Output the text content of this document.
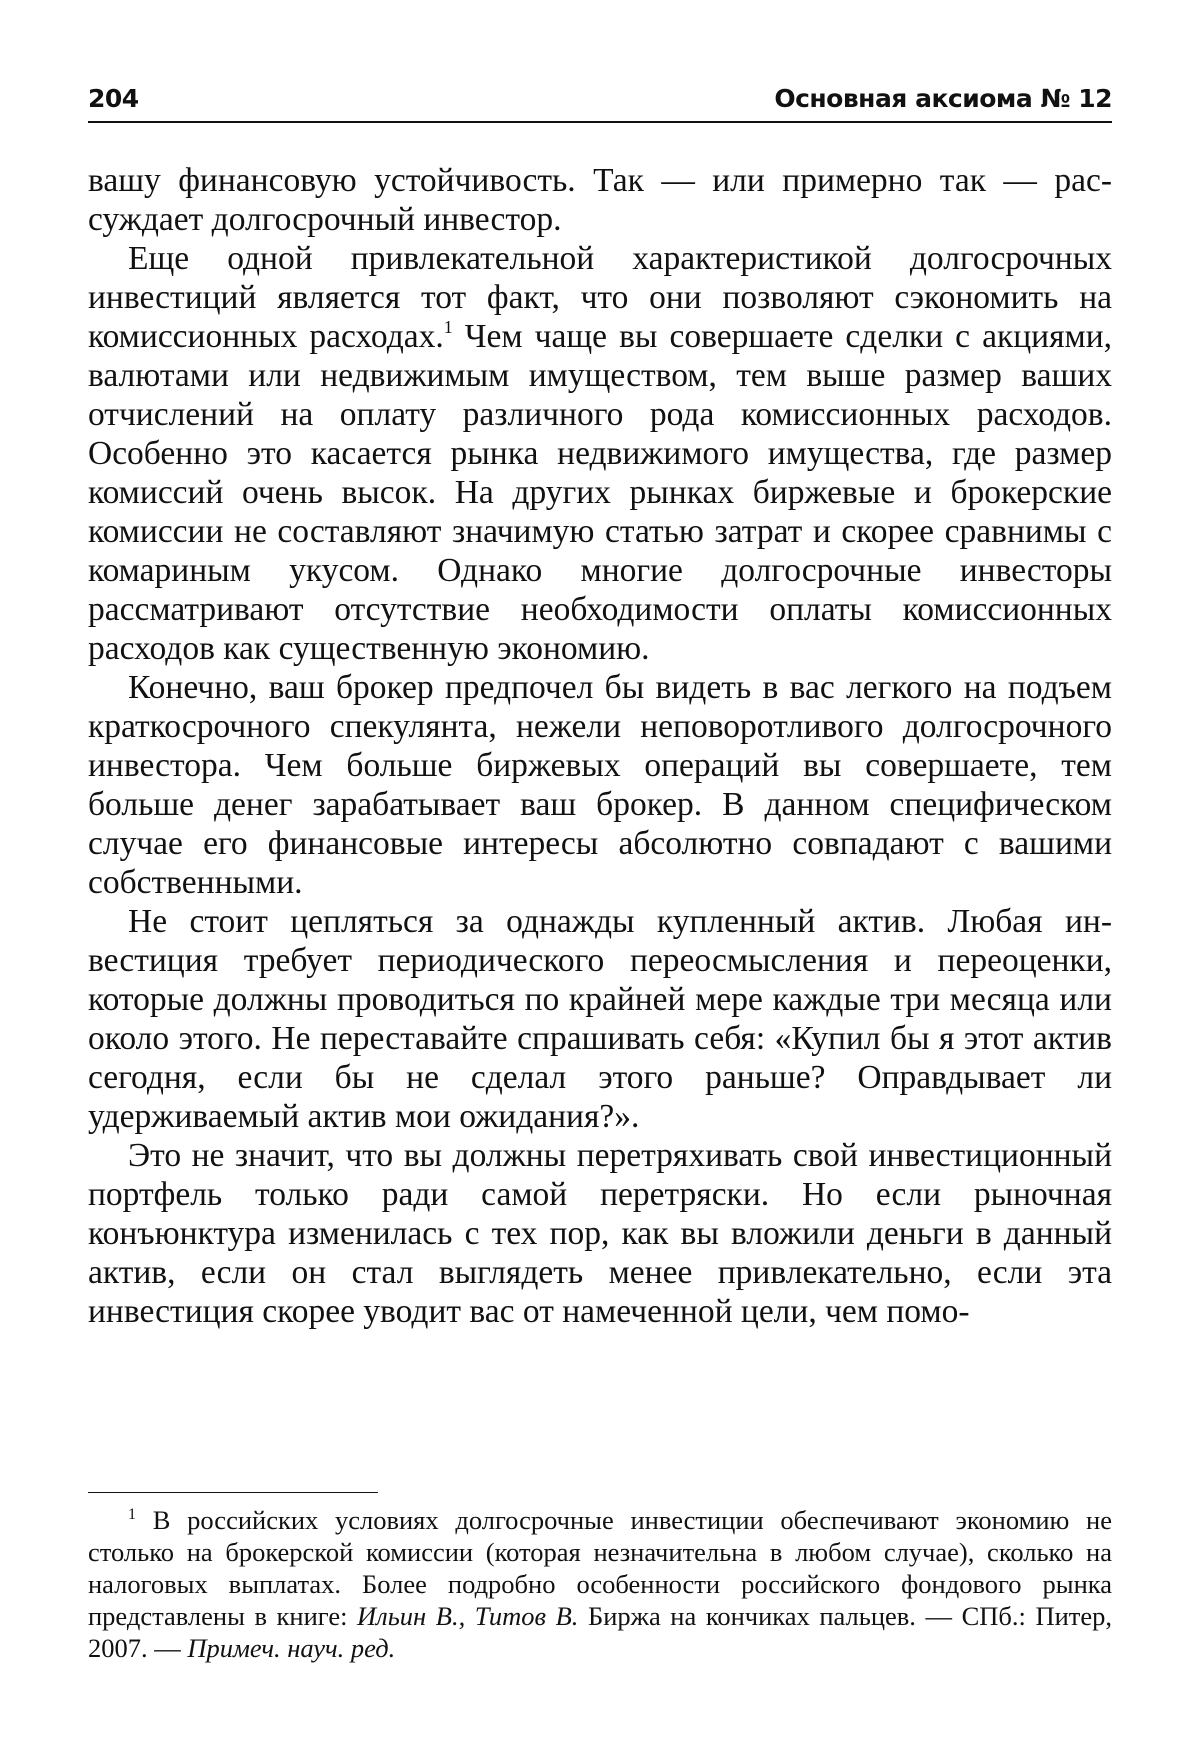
204	Основная аксиома № 12

вашу финансовую устойчивость. Так — или примерно так — рассуждает долгосрочный инвестор.

Еще одной привлекательной характеристикой долгосрочных инвестиций является тот факт, что они позволяют сэкономить на комиссионных расходах.$^1$ Чем чаще вы совершаете сделки с акциями, валютами или недвижимым имуществом, тем выше размер ваших отчислений на оплату различного рода комиссионных расходов. Особенно это касается рынка недвижимого имущества, где размер комиссий очень высок. На других рынках биржевые и брокерские комиссии не составляют значимую статью затрат и скорее сравнимы с комариным укусом. Однако многие долгосрочные инвесторы рассматривают отсутствие необходимости оплаты комиссионных расходов как существенную экономию.

Конечно, ваш брокер предпочел бы видеть в вас легкого на подъем краткосрочного спекулянта, нежели неповоротливого долгосрочного инвестора. Чем больше биржевых операций вы совершаете, тем больше денег зарабатывает ваш брокер. В данном специфическом случае его финансовые интересы абсолютно совпадают с вашими собственными.

Не стоит цепляться за однажды купленный актив. Любая инвестиция требует периодического переосмысления и переоценки, которые должны проводиться по крайней мере каждые три месяца или около этого. Не переставайте спрашивать себя: «Купил бы я этот актив сегодня, если бы не сделал этого раньше? Оправдывает ли удерживаемый актив мои ожидания?».

Это не значит, что вы должны перетряхивать свой инвестиционный портфель только ради самой перетряски. Но если рыночная конъюнктура изменилась с тех пор, как вы вложили деньги в данный актив, если он стал выглядеть менее привлекательно, если эта инвестиция скорее уводит вас от намеченной цели, чем помо-

$^1$ В российских условиях долгосрочные инвестиции обеспечивают экономию не столько на брокерской комиссии (которая незначительна в любом случае), сколько на налоговых выплатах. Более подробно особенности российского фондового рынка представлены в книге: Ильин В., Титов В. Биржа на кончиках пальцев. — СПб.: Питер, 2007. — Примеч. науч. ред.
